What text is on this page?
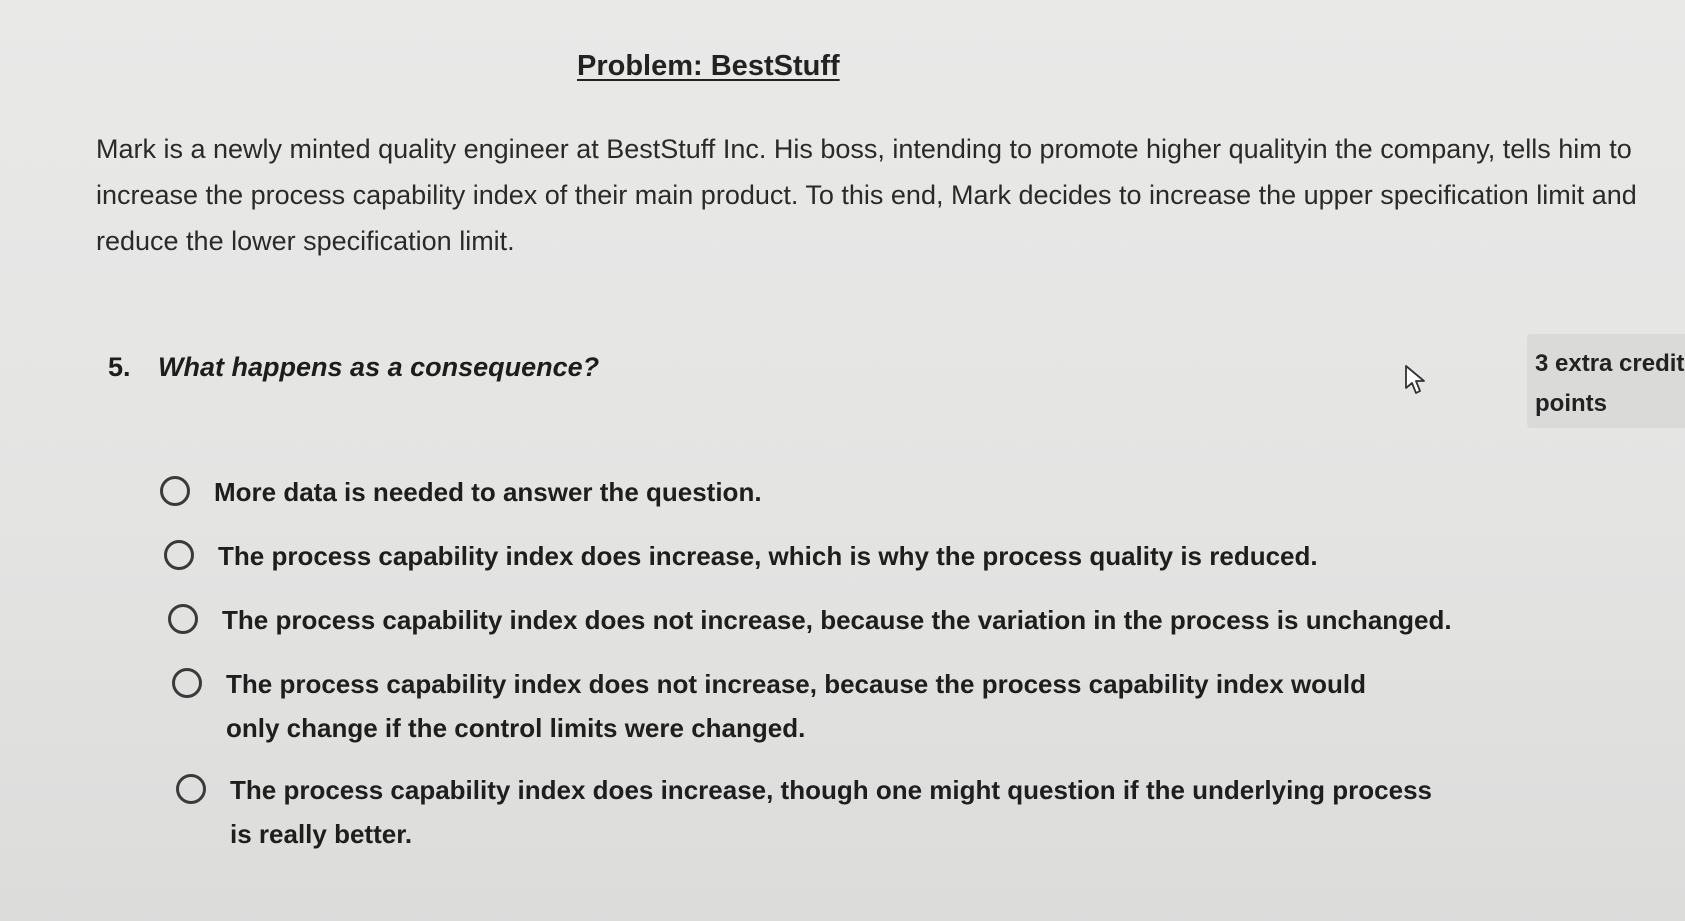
Problem: BestStuff

Mark is a newly minted quality engineer at BestStuff Inc. His boss, intending to promote higher qualityin the company, tells him to increase the process capability index of their main product. To this end, Mark decides to increase the upper specification limit and reduce the lower specification limit.

5. What happens as a consequence?	3 extra credit
points
More data is needed to answer the question.
The process capability index does increase, which is why the process quality is reduced.
The process capability index does not increase, because the variation in the process is unchanged.
The process capability index does not increase, because the process capability index would only change if the control limits were changed.
The process capability index does increase, though one might question if the underlying process is really better.
